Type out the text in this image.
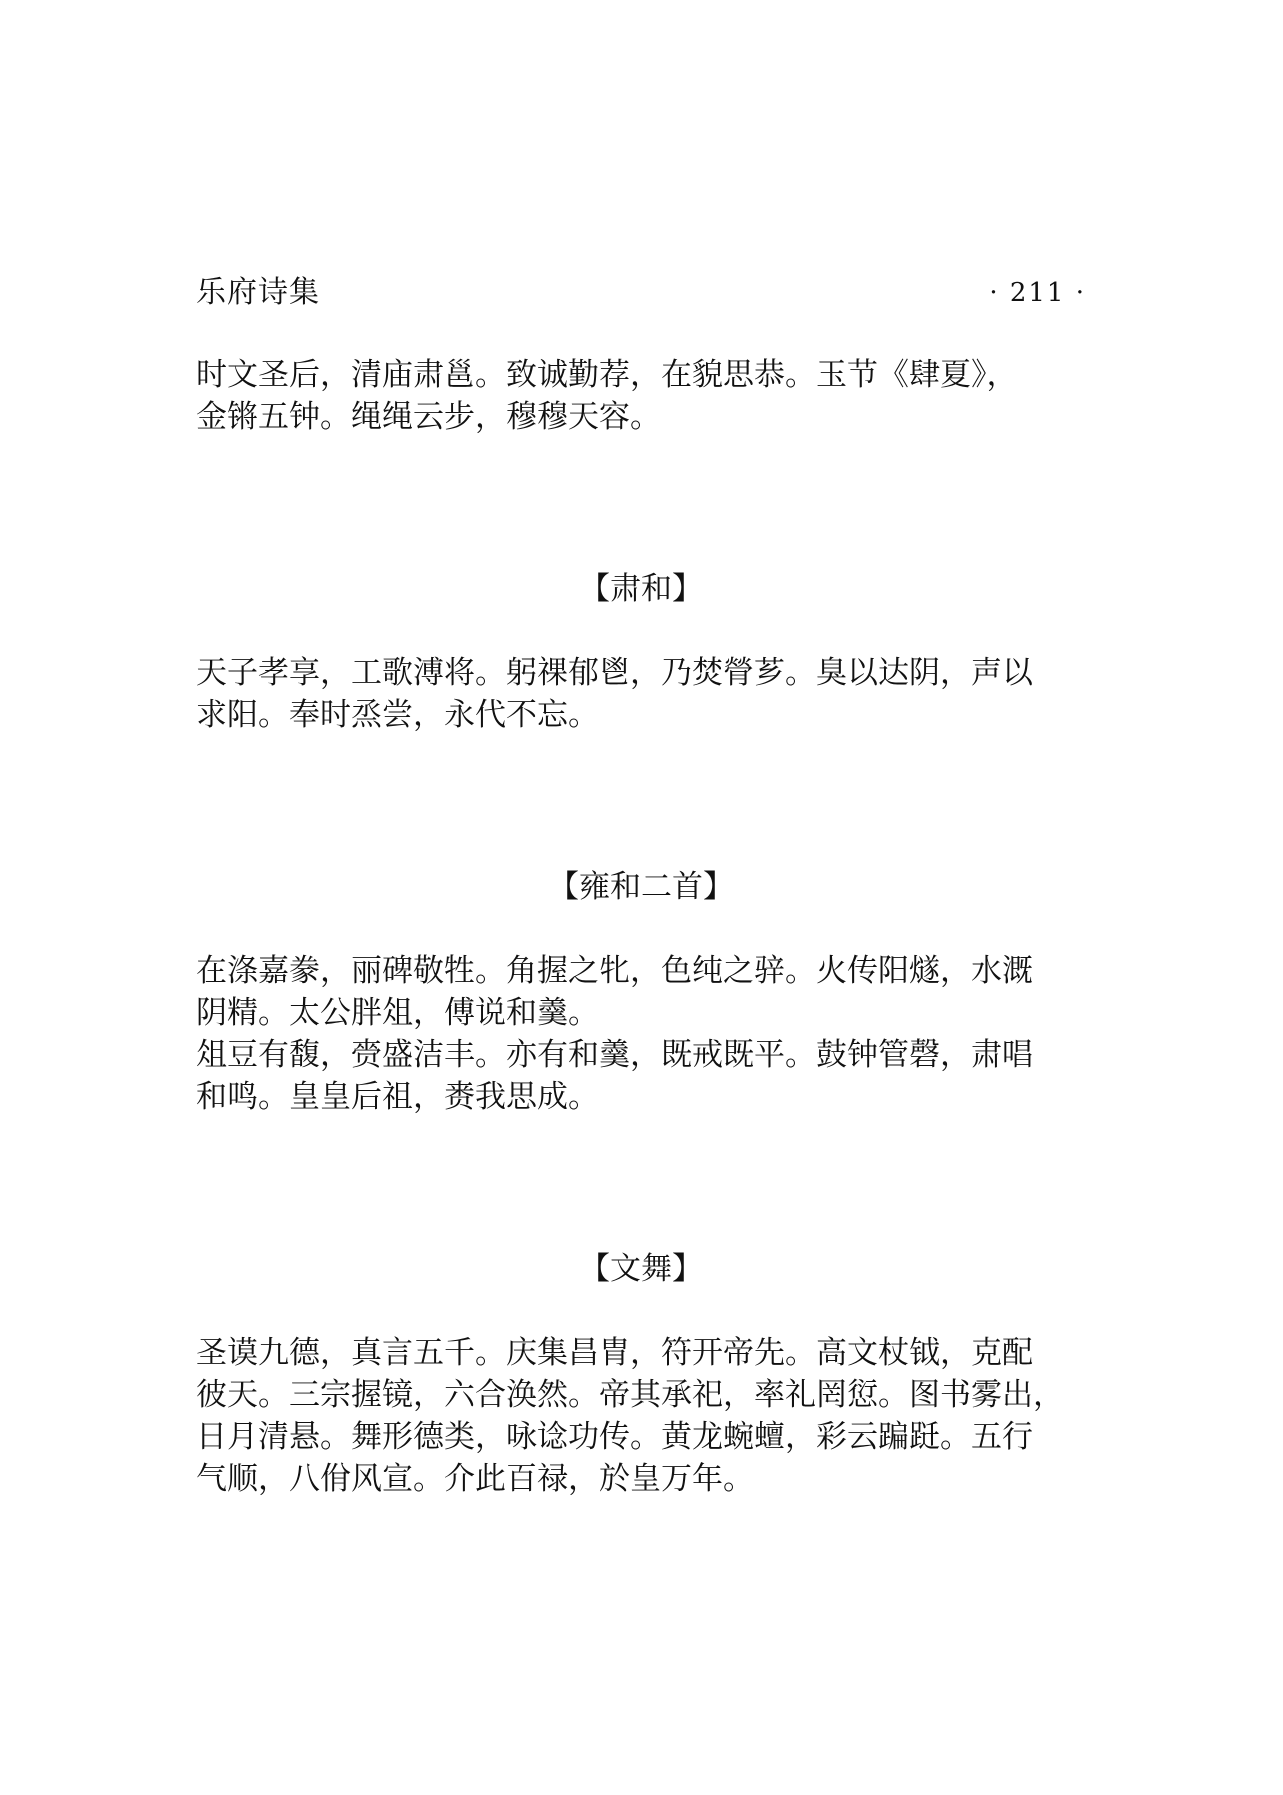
乐府诗集	· 211 ·
时文圣后，清庙肃邕。致诚勤荐，在貌思恭。玉节《肆夏》，
金锵五钟。绳绳云步，穆穆天容。
【肃和】
天子孝享，工歌溥将。躬祼郁鬯，乃焚膋芗。臭以达阴，声以
求阳。奉时烝尝，永代不忘。
【雍和二首】
在涤嘉豢，丽碑敬牲。角握之牝，色纯之骍。火传阳燧，水溉
阴精。太公胖俎，傅说和羹。
俎豆有馥，赍盛洁丰。亦有和羹，既戒既平。鼓钟管磬，肃唱
和鸣。皇皇后祖，赉我思成。
【文舞】
圣谟九德，真言五千。庆集昌胄，符开帝先。高文杖钺，克配
彼天。三宗握镜，六合涣然。帝其承祀，率礼罔愆。图书雾出，
日月清悬。舞形德类，咏谂功传。黄龙蜿蟺，彩云蹁跹。五行
气顺，八佾风宣。介此百禄，於皇万年。
